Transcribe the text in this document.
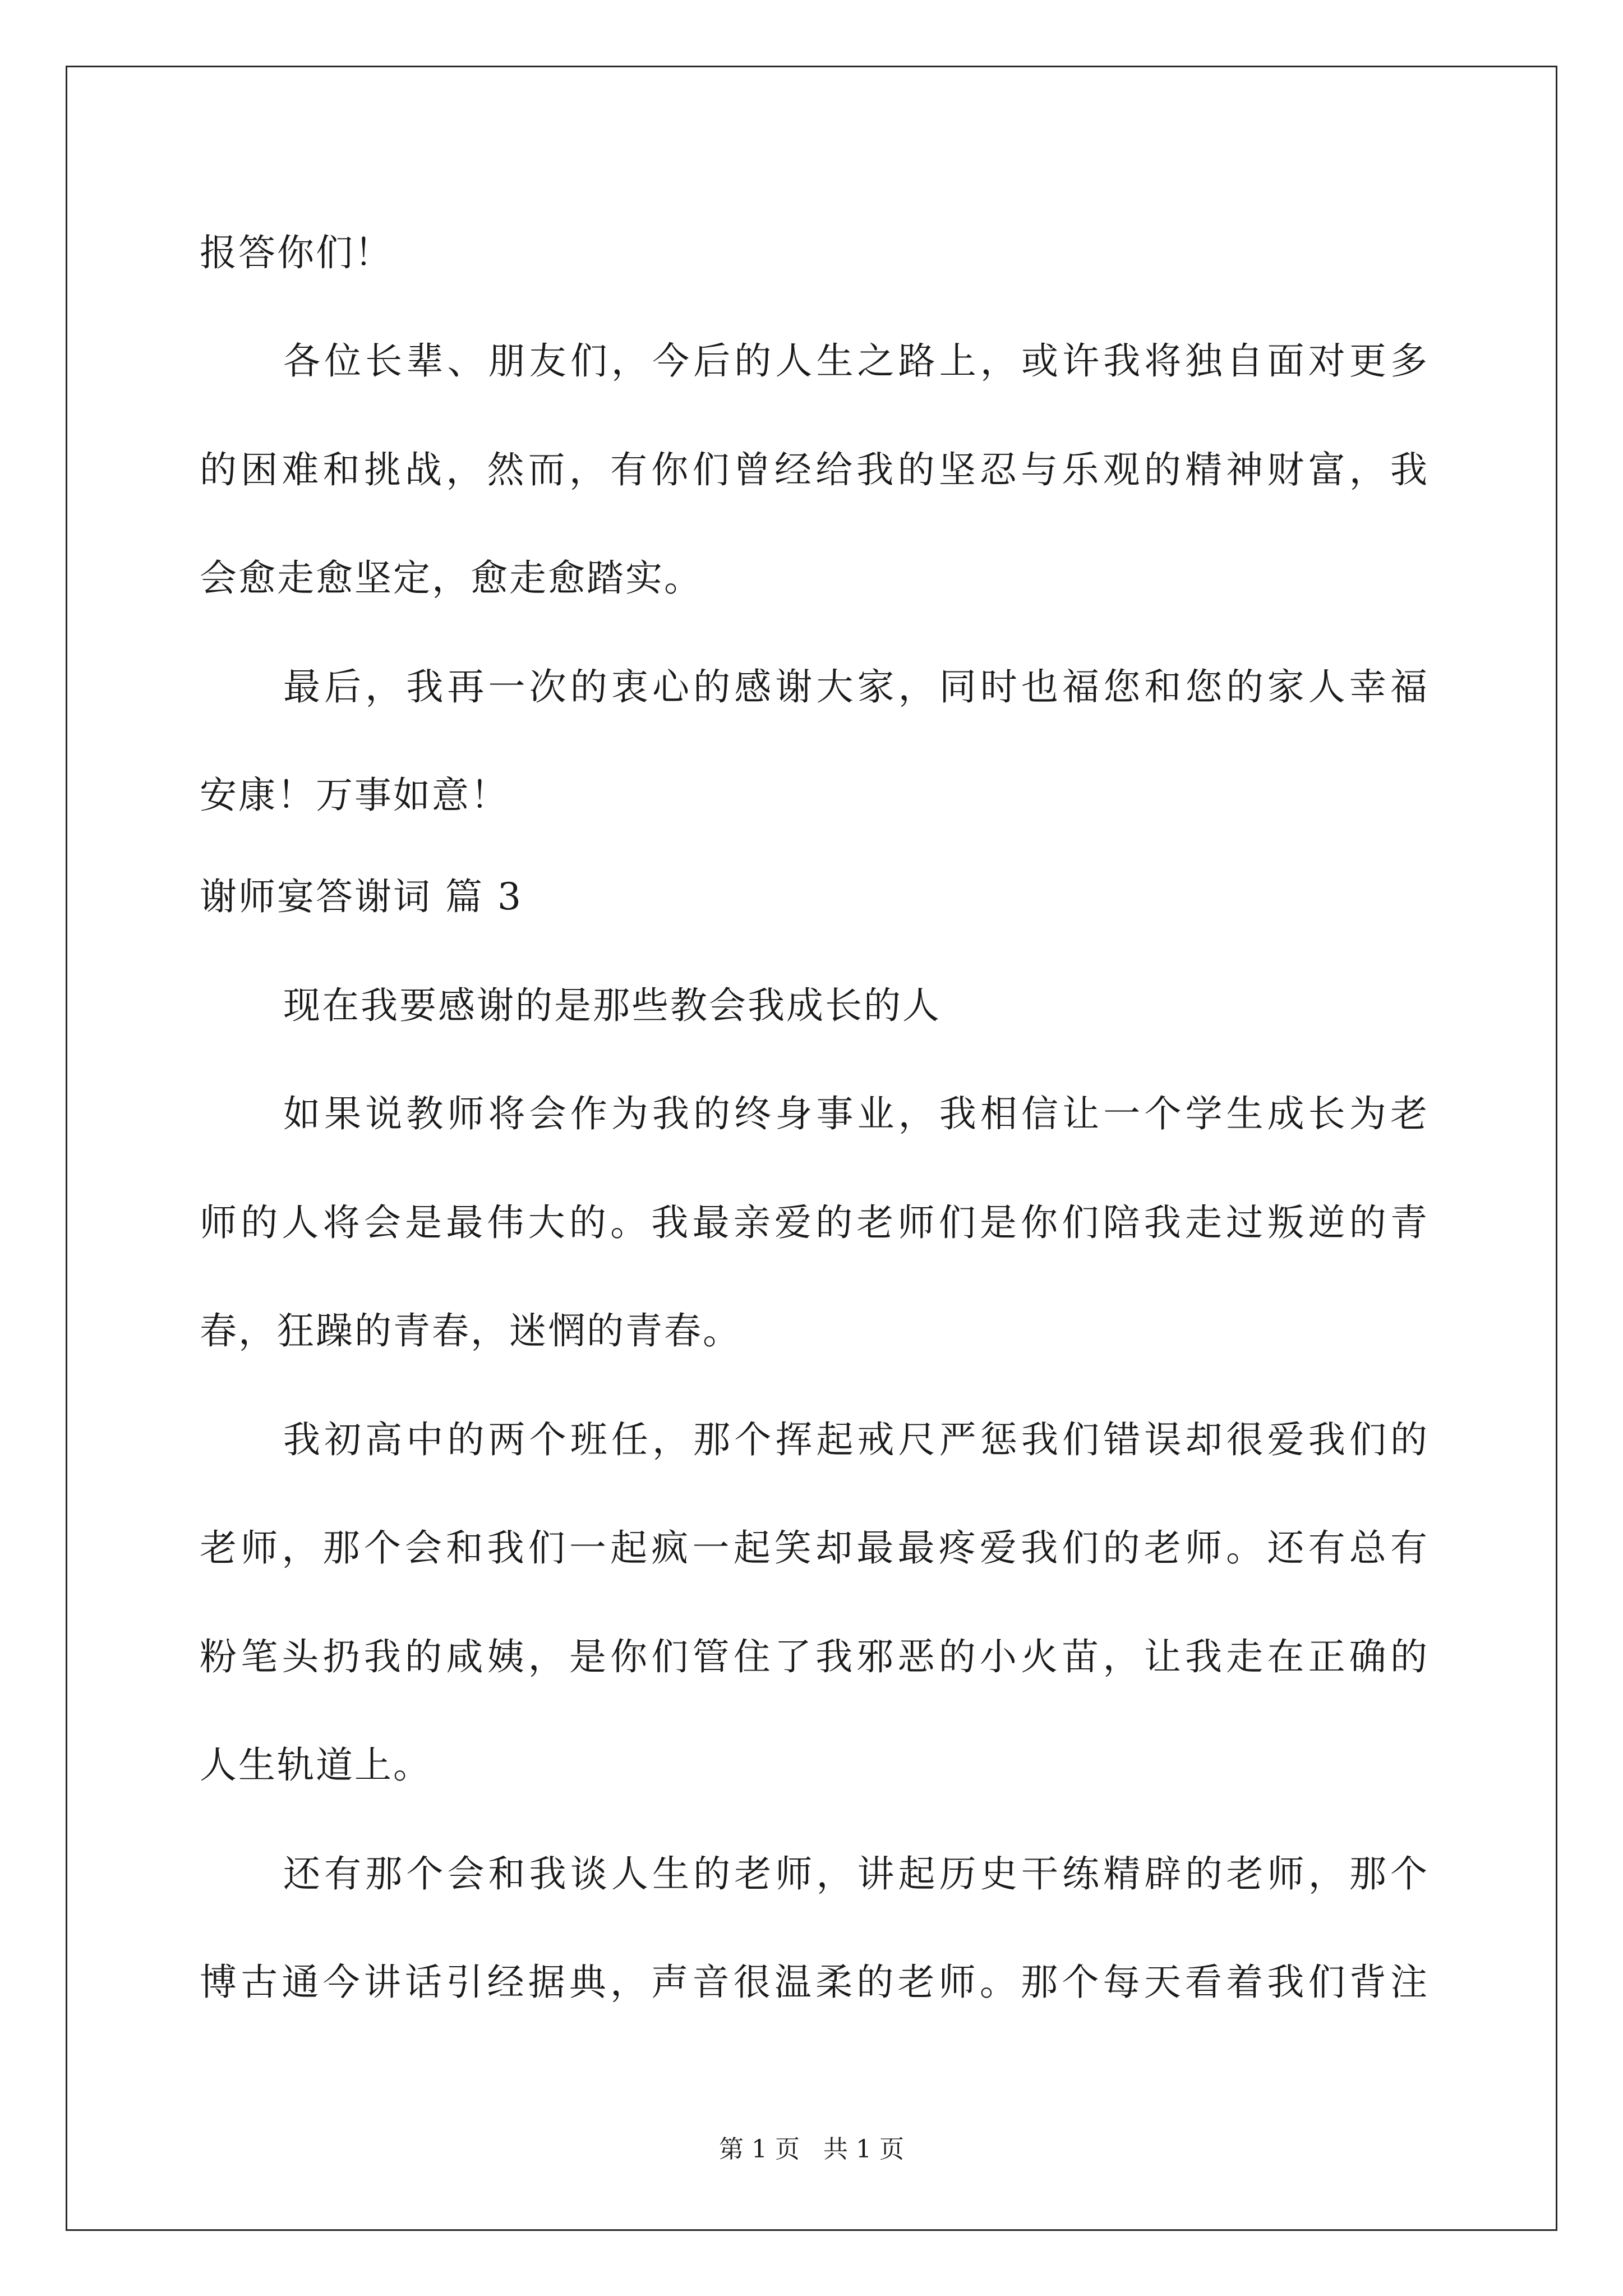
报答你们！
各位长辈、朋友们，今后的人生之路上，或许我将独自面对更多
的困难和挑战，然而，有你们曾经给我的坚忍与乐观的精神财富，我
会愈走愈坚定，愈走愈踏实。
最后，我再一次的衷心的感谢大家，同时也福您和您的家人幸福
安康！万事如意！
谢师宴答谢词 篇 3
现在我要感谢的是那些教会我成长的人
如果说教师将会作为我的终身事业，我相信让一个学生成长为老
师的人将会是最伟大的。我最亲爱的老师们是你们陪我走过叛逆的青
春，狂躁的青春，迷惘的青春。
我初高中的两个班任，那个挥起戒尺严惩我们错误却很爱我们的
老师，那个会和我们一起疯一起笑却最最疼爱我们的老师。还有总有
粉笔头扔我的咸姨，是你们管住了我邪恶的小火苗，让我走在正确的
人生轨道上。
还有那个会和我谈人生的老师，讲起历史干练精辟的老师，那个
博古通今讲话引经据典，声音很温柔的老师。那个每天看着我们背注
第 1 页   共 1 页
